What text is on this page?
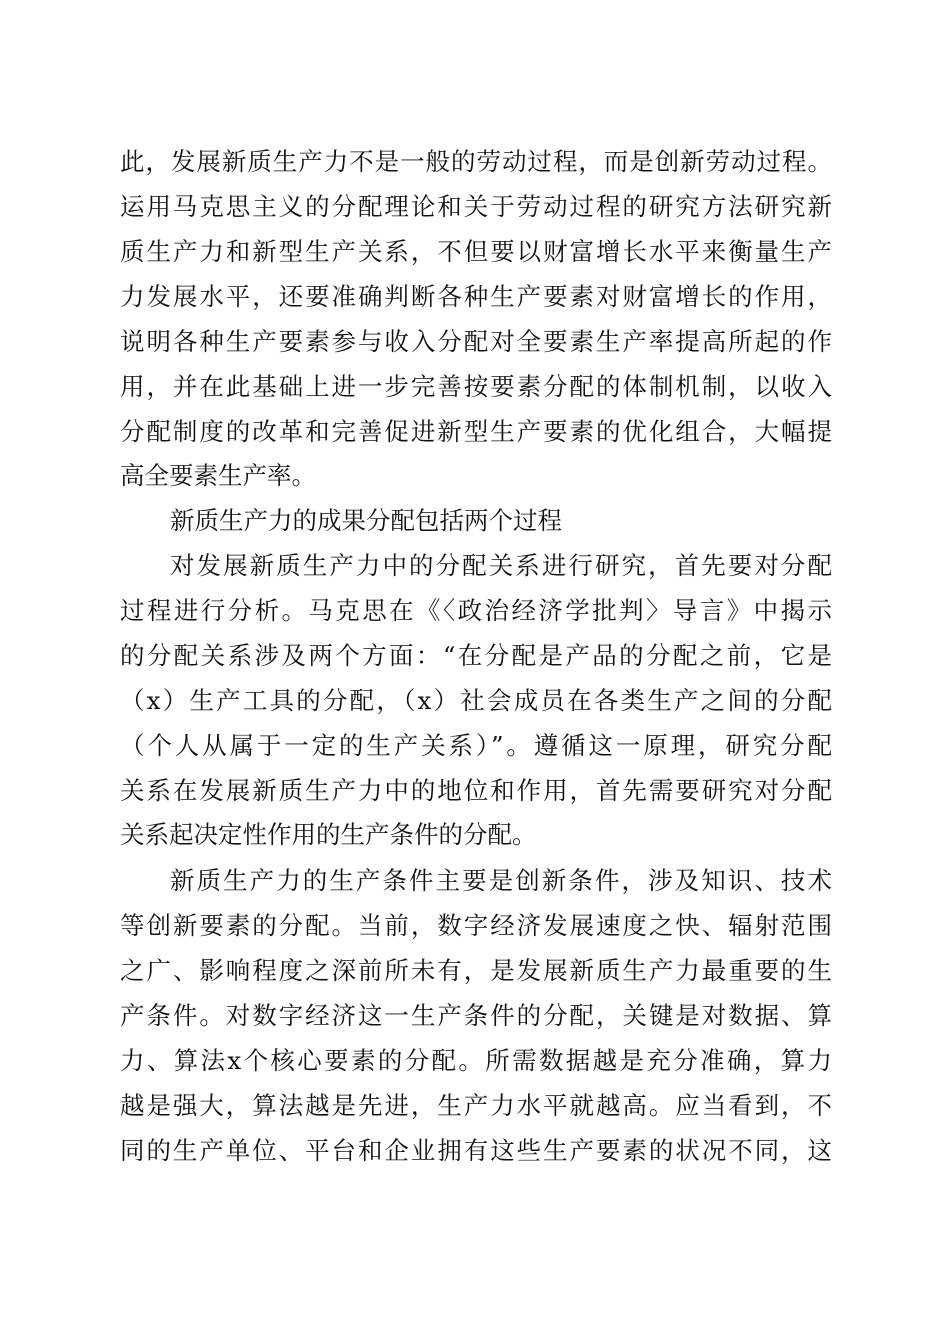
此，发展新质生产力不是一般的劳动过程，而是创新劳动过程。
运用马克思主义的分配理论和关于劳动过程的研究方法研究新
质生产力和新型生产关系，不但要以财富增长水平来衡量生产
力发展水平，还要准确判断各种生产要素对财富增长的作用，
说明各种生产要素参与收入分配对全要素生产率提高所起的作
用，并在此基础上进一步完善按要素分配的体制机制，以收入
分配制度的改革和完善促进新型生产要素的优化组合，大幅提
高全要素生产率。
新质生产力的成果分配包括两个过程
对发展新质生产力中的分配关系进行研究，首先要对分配
过程进行分析。马克思在《〈政治经济学批判〉导言》中揭示
的分配关系涉及两个方面：“在分配是产品的分配之前，它是
（x）生产工具的分配，（x）社会成员在各类生产之间的分配
（个人从属于一定的生产关系）”。遵循这一原理，研究分配
关系在发展新质生产力中的地位和作用，首先需要研究对分配
关系起决定性作用的生产条件的分配。
新质生产力的生产条件主要是创新条件，涉及知识、技术
等创新要素的分配。当前，数字经济发展速度之快、辐射范围
之广、影响程度之深前所未有，是发展新质生产力最重要的生
产条件。对数字经济这一生产条件的分配，关键是对数据、算
力、算法x个核心要素的分配。所需数据越是充分准确，算力
越是强大，算法越是先进，生产力水平就越高。应当看到，不
同的生产单位、平台和企业拥有这些生产要素的状况不同，这
